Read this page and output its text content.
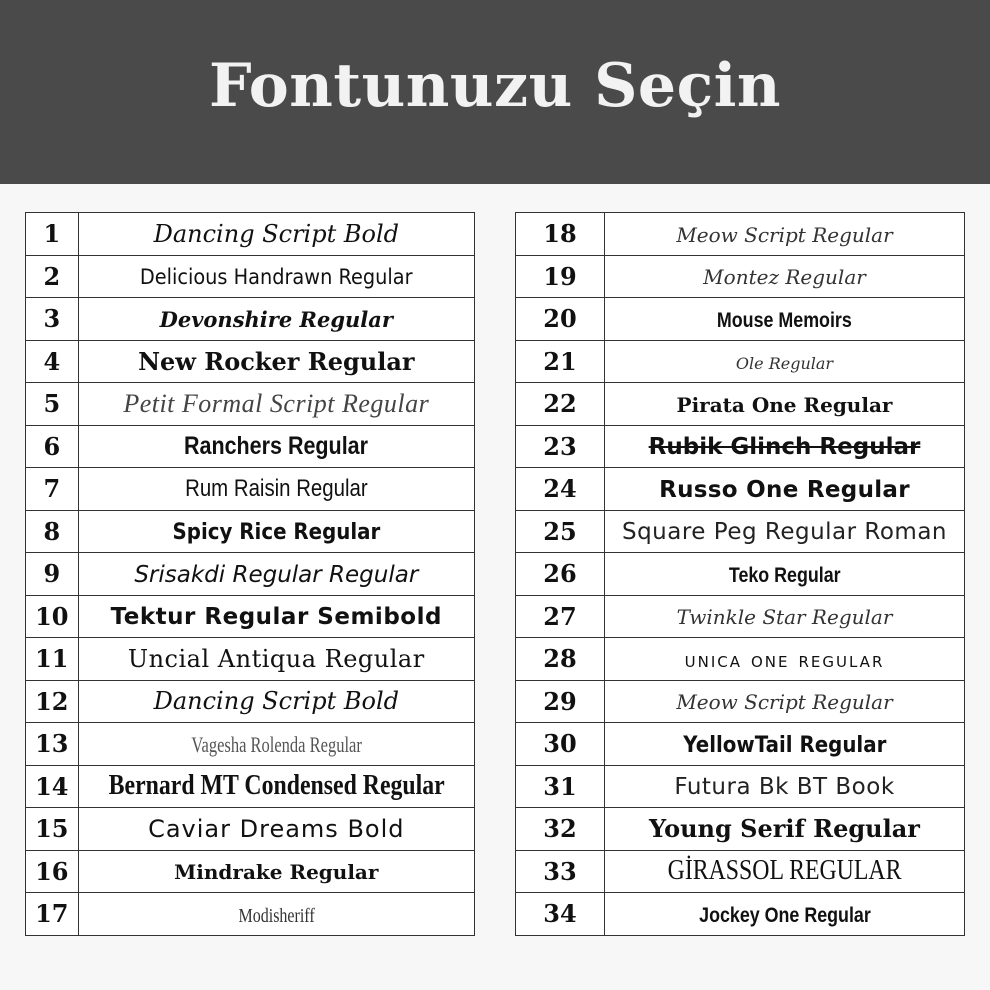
Fontunuzu Seçin
1	Dancing Script Bold
2	Delicious Handrawn Regular
3	Devonshire Regular
4	New Rocker Regular
5	Petit Formal Script Regular
6	Ranchers Regular
7	Rum Raisin Regular
8	Spicy Rice Regular
9	Srisakdi Regular Regular
10	Tektur Regular Semibold
11	Uncial Antiqua Regular
12	Dancing Script Bold
13	Vagesha Rolenda Regular
14	Bernard MT Condensed Regular
15	Caviar Dreams Bold
16	Mindrake Regular
17	Modisheriff
18	Meow Script Regular
19	Montez Regular
20	Mouse Memoirs
21	Ole Regular
22	Pirata One Regular
23	Rubik Glinch Regular
24	Russo One Regular
25	Square Peg Regular Roman
26	Teko Regular
27	Twinkle Star Regular
28	unica one regular
29	Meow Script Regular
30	YellowTail Regular
31	Futura Bk BT Book
32	Young Serif Regular
33	GİRASSOL REGULAR
34	Jockey One Regular
